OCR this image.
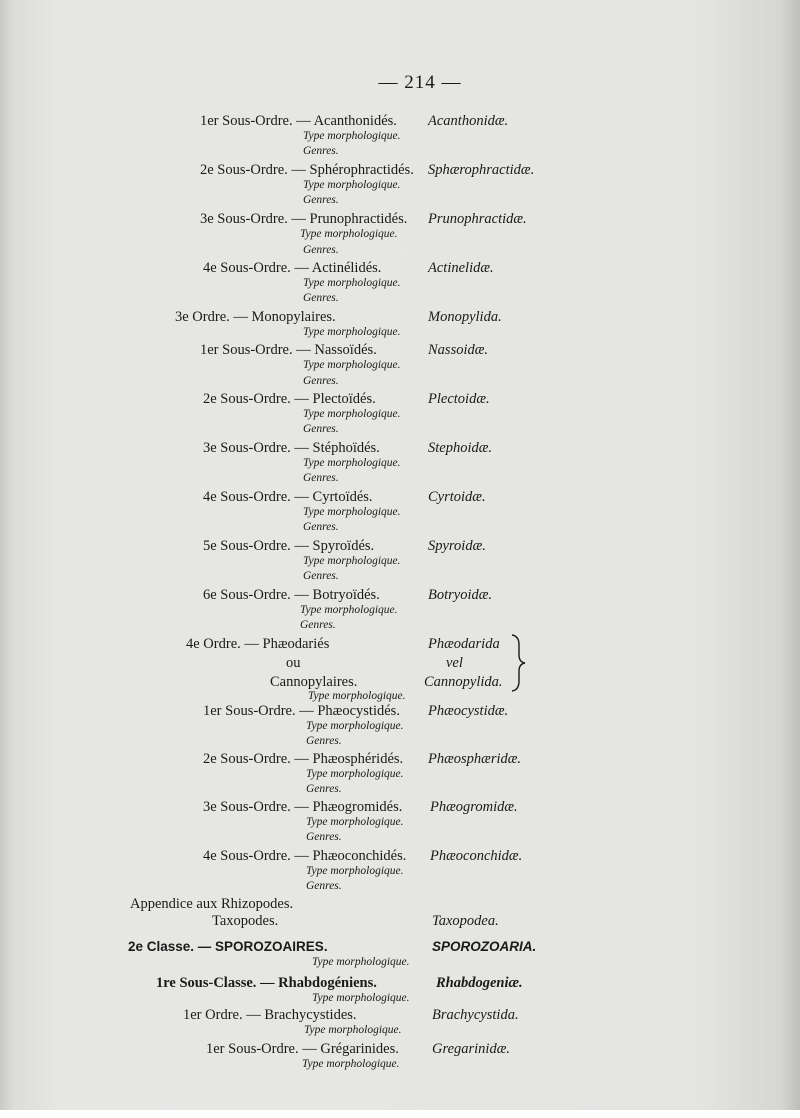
— 214 —
1er Sous-Ordre. — Acanthonidés. Acanthonidæ.
Type morphologique.
Genres.
2e Sous-Ordre. — Sphérophractidés. Sphærophractidæ.
Type morphologique.
Genres.
3e Sous-Ordre. — Prunophractidés. Prunophractidæ.
Type morphologique.
Genres.
4e Sous-Ordre. — Actinélidés.	Actinelidæ.
Type morphologique.
Genres.
3e Ordre. — Monopylaires.	Monopylida.
Type morphologique.
1er Sous-Ordre. — Nassoïdés.	Nassoidæ.
Type morphologique.
Genres.
2e Sous-Ordre. — Plectoïdés.	Plectoidæ.
Type morphologique.
Genres.
3e Sous-Ordre. — Stéphoïdés.	Stephoidæ.
Type morphologique.
Genres.
4e Sous-Ordre. — Cyrtoïdés.	Cyrtoidæ.
Type morphologique.
Genres.
5e Sous-Ordre. — Spyroïdés.	Spyroidæ.
Type morphologique.
Genres.
6e Sous-Ordre. — Botryoïdés.	Botryoidæ.
Type morphologique.
Genres.
4e Ordre. — Phæodariés	Phæodarida
ou	vel
Cannopylaires.	Cannopylida.
Type morphologique.
1er Sous-Ordre. — Phæocystidés. Phæocystidæ.
Type morphologique.
Genres.
2e Sous-Ordre. — Phæosphéridés. Phæosphæridæ.
Type morphologique.
Genres.
3e Sous-Ordre. — Phæogromidés. Phæogromidæ.
Type morphologique.
Genres.
4e Sous-Ordre. — Phæoconchidés. Phæoconchidæ.
Type morphologique.
Genres.
Appendice aux Rhizopodes.
Taxopodes.	Taxopodea.
2e Classe. — SPOROZOAIRES.	SPOROZOARIA.
Type morphologique.
1re Sous-Classe. — Rhabdogéniens.	Rhabdogeniæ.
Type morphologique.
1er Ordre. — Brachycystides.	Brachycystida.
Type morphologique.
1er Sous-Ordre. — Grégarinides. Gregarinidæ.
Type morphologique.
